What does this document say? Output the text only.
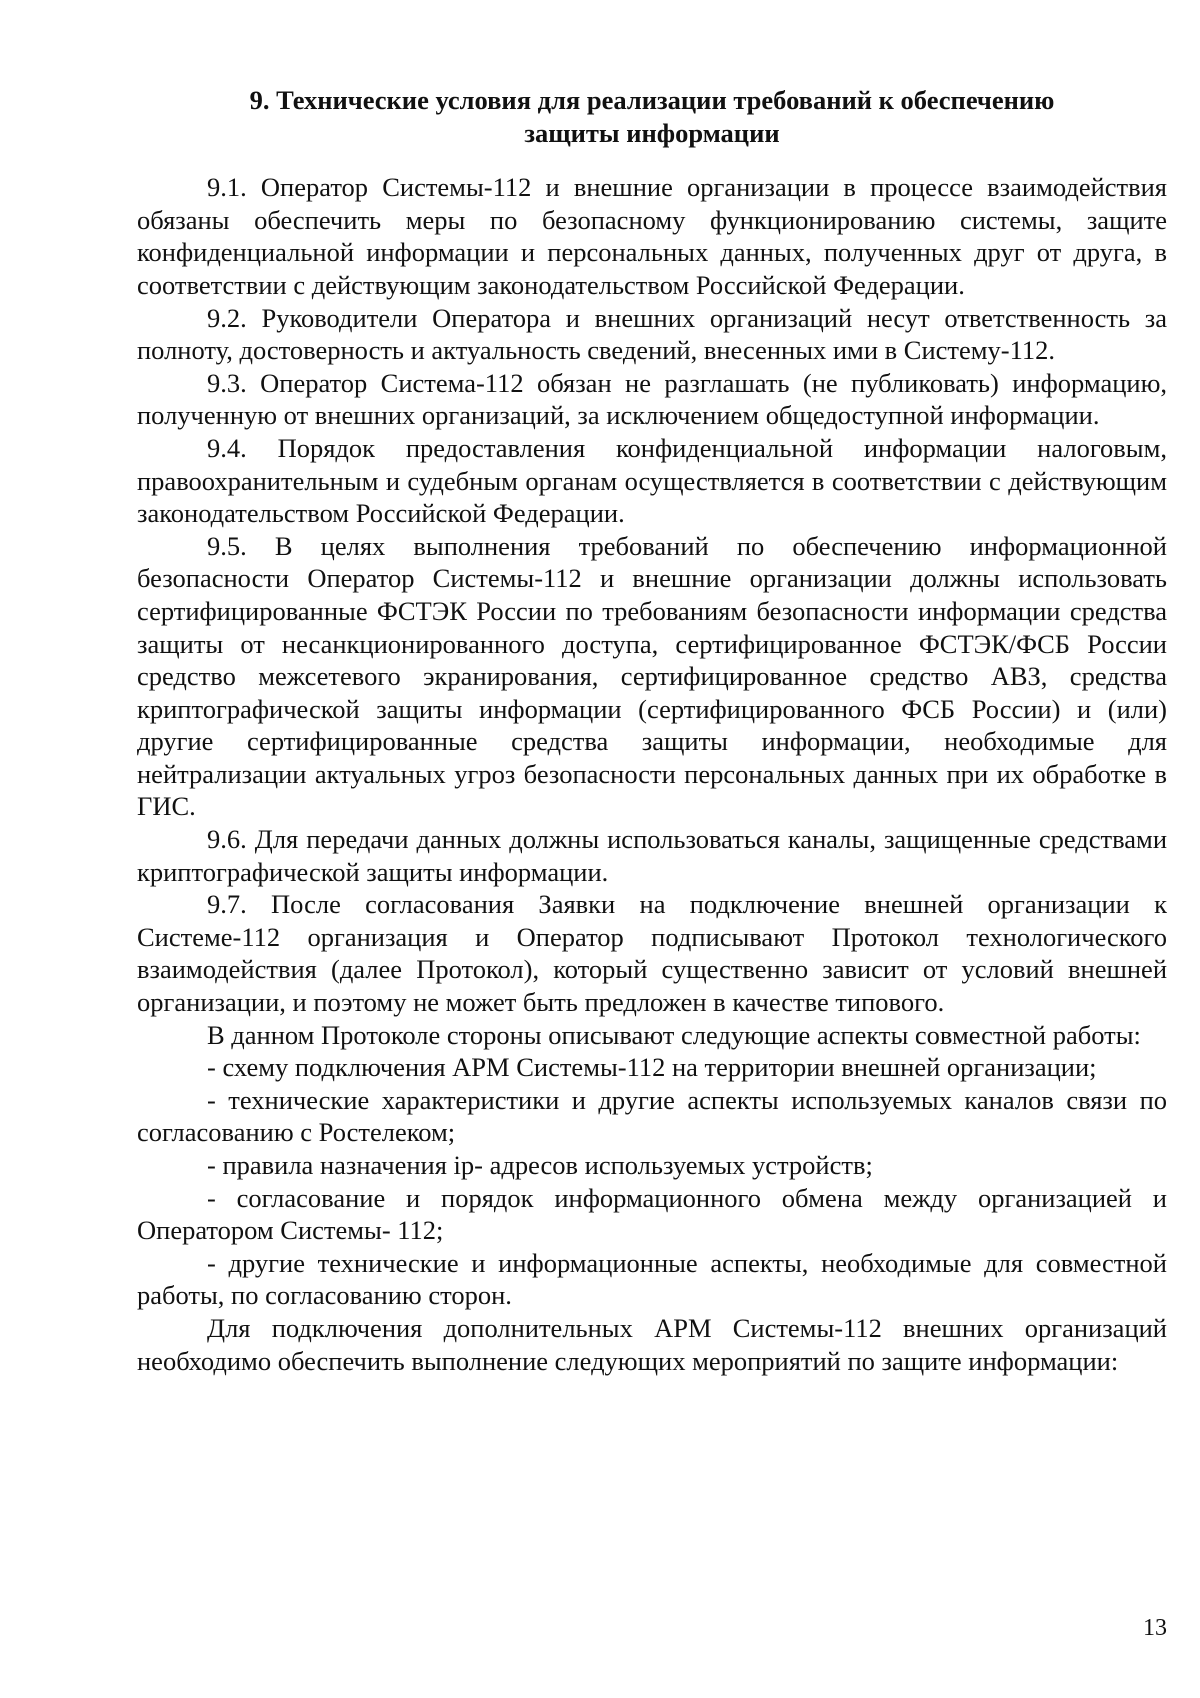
9. Технические условия для реализации требований к обеспечению
защиты информации

9.1. Оператор Системы-112 и внешние организации в процессе взаимодействия обязаны обеспечить меры по безопасному функционированию системы, защите конфиденциальной информации и персональных данных, полученных друг от друга, в соответствии с действующим законодательством Российской Федерации.

9.2. Руководители Оператора и внешних организаций несут ответственность за полноту, достоверность и актуальность сведений, внесенных ими в Систему-112.

9.3. Оператор Система-112 обязан не разглашать (не публиковать) информацию, полученную от внешних организаций, за исключением общедоступной информации.

9.4. Порядок предоставления конфиденциальной информации налоговым, правоохранительным и судебным органам осуществляется в соответствии с действующим законодательством Российской Федерации.

9.5. В целях выполнения требований по обеспечению информационной безопасности Оператор Системы-112 и внешние организации должны использовать сертифицированные ФСТЭК России по требованиям безопасности информации средства защиты от несанкционированного доступа, сертифицированное ФСТЭК/ФСБ России средство межсетевого экранирования, сертифицированное средство АВЗ, средства криптографической защиты информации (сертифицированного ФСБ России) и (или) другие сертифицированные средства защиты информации, необходимые для нейтрализации актуальных угроз безопасности персональных данных при их обработке в ГИС.

9.6. Для передачи данных должны использоваться каналы, защищенные средствами криптографической защиты информации.

9.7. После согласования Заявки на подключение внешней организации к Системе-112 организация и Оператор подписывают Протокол технологического взаимодействия (далее Протокол), который существенно зависит от условий внешней организации, и поэтому не может быть предложен в качестве типового.

В данном Протоколе стороны описывают следующие аспекты совместной работы:

- схему подключения АРМ Системы-112 на территории внешней организации;

- технические характеристики и другие аспекты используемых каналов связи по согласованию с Ростелеком;

- правила назначения ip- адресов используемых устройств;

- согласование и порядок информационного обмена между организацией и Оператором Системы- 112;

- другие технические и информационные аспекты, необходимые для совместной работы, по согласованию сторон.

Для подключения дополнительных АРМ Системы-112 внешних организаций необходимо обеспечить выполнение следующих мероприятий по защите информации:

13
